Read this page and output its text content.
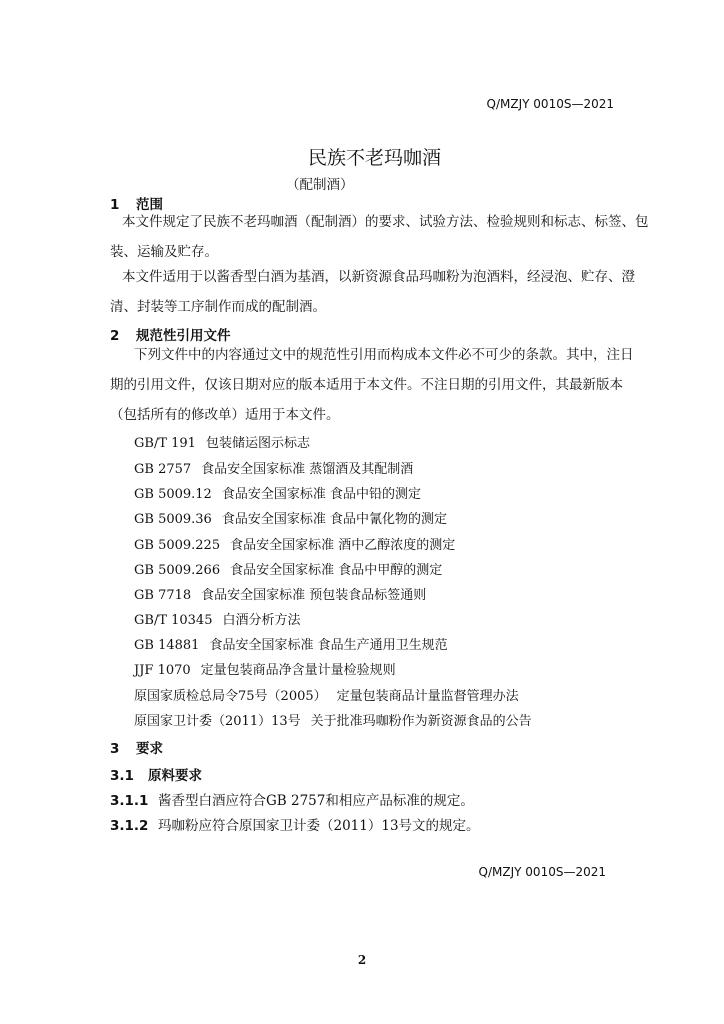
Q/MZJY 0010S—2021
民族不老玛咖酒
（配制酒）
1 范围
本文件规定了民族不老玛咖酒（配制酒）的要求、试验方法、检验规则和标志、标签、包
装、运输及贮存。
本文件适用于以酱香型白酒为基酒，以新资源食品玛咖粉为泡酒料，经浸泡、贮存、澄
清、封装等工序制作而成的配制酒。
2 规范性引用文件
下列文件中的内容通过文中的规范性引用而构成本文件必不可少的条款。其中，注日
期的引用文件，仅该日期对应的版本适用于本文件。不注日期的引用文件，其最新版本
（包括所有的修改单）适用于本文件。
GB/T 191 包装储运图示标志
GB 2757 食品安全国家标准 蒸馏酒及其配制酒
GB 5009.12 食品安全国家标准 食品中铅的测定
GB 5009.36 食品安全国家标准 食品中氰化物的测定
GB 5009.225 食品安全国家标准 酒中乙醇浓度的测定
GB 5009.266 食品安全国家标准 食品中甲醇的测定
GB 7718 食品安全国家标准 预包装食品标签通则
GB/T 10345 白酒分析方法
GB 14881 食品安全国家标准 食品生产通用卫生规范
JJF 1070 定量包装商品净含量计量检验规则
原国家质检总局令75号（2005） 定量包装商品计量监督管理办法
原国家卫计委（2011）13号 关于批准玛咖粉作为新资源食品的公告
3 要求
3.1 原料要求
3.1.1 酱香型白酒应符合GB 2757和相应产品标准的规定。
3.1.2 玛咖粉应符合原国家卫计委（2011）13号文的规定。
Q/MZJY 0010S—2021
2
